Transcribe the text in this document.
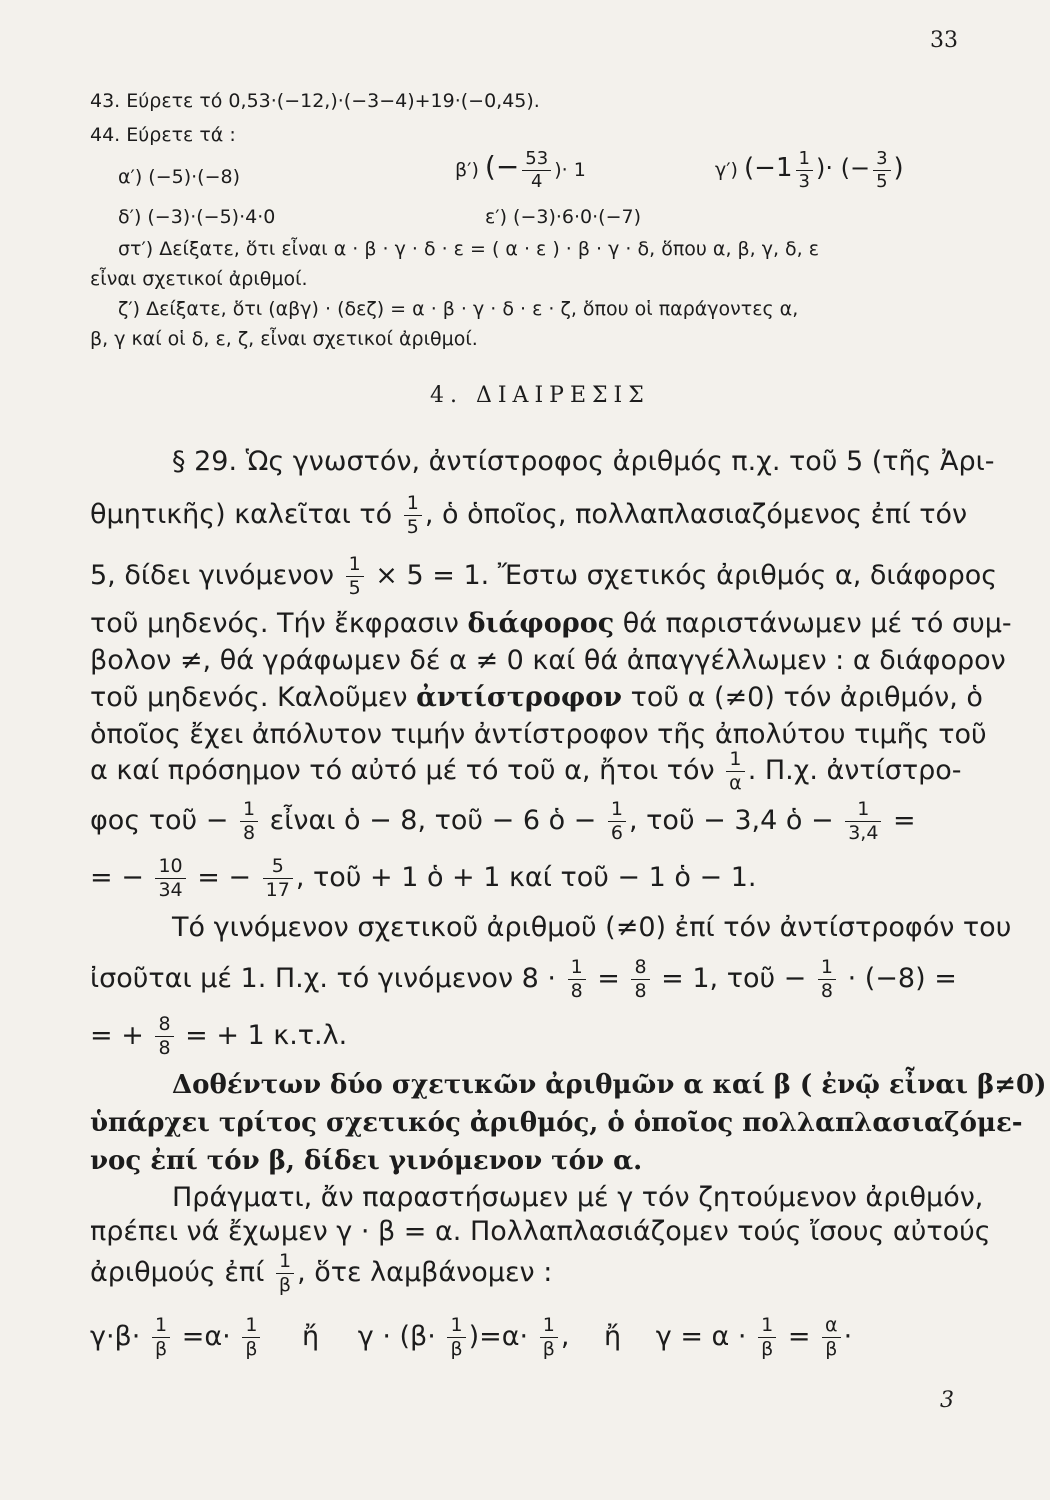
33
43. Εύρετε τό 0,53·(−12,)·(−3−4)+19·(−0,45).
44. Εύρετε τά :
α′) (−5)·(−8)	β′) (− $\frac{53}{4}$ )· 1	γ′) ($-1 \frac{1}{3}$ )· (− $\frac{3}{5}$ )
δ′) (−3)·(−5)·4·0	ε′) (−3)·6·0·(−7)
στ′) Δείξατε, ὅτι εἶναι α · β · γ · δ · ε = ( α · ε ) · β · γ · δ, ὅπου α, β, γ, δ, ε
εἶναι σχετικοί ἀριθμοί.
ζ′) Δείξατε, ὅτι (αβγ) · (δεζ) = α · β · γ · δ · ε · ζ, ὅπου οἱ παράγοντες α,
β, γ καί οἱ δ, ε, ζ, εἶναι σχετικοί ἀριθμοί.
4. ΔΙΑΙΡΕΣΙΣ
§ 29. Ὡς γνωστόν, ἀντίστροφος ἀριθμός π.χ. τοῦ 5 (τῆς Ἀρι-
θμητικῆς) καλεῖται τό $\frac{1}{5}$ , ὁ ὁποῖος, πολλαπλασιαζόμενος ἐπί τόν
5, δίδει γινόμενον $\frac{1}{5} \times 5 = 1$. Ἔστω σχετικός ἀριθμός α, διάφορος
τοῦ μηδενός. Τήν ἔκφρασιν διάφορος θά παριστάνωμεν μέ τό συμ-
βολον ≠, θά γράφωμεν δέ α ≠ 0 καί θά ἀπαγγέλλωμεν : α διάφορον
τοῦ μηδενός. Καλοῦμεν ἀντίστροφον τοῦ α (≠0) τόν ἀριθμόν, ὁ
ὁποῖος ἔχει ἀπόλυτον τιμήν ἀντίστροφον τῆς ἀπολύτου τιμῆς τοῦ
α καί πρόσημον τό αὐτό μέ τό τοῦ α, ἤτοι τόν $\frac{1}{\alpha}$ . Π.χ. ἀντίστρο-
φος τοῦ − $\frac{1}{8}$ εἶναι ὁ − 8, τοῦ − 6 ὁ − $\frac{1}{6}$ , τοῦ − 3,4 ὁ − $\frac{1}{3,4}$ =
= − $\frac{10}{34}$ = − $\frac{5}{17}$ , τοῦ + 1 ὁ + 1 καί τοῦ − 1 ὁ − 1.
Τό γινόμενον σχετικοῦ ἀριθμοῦ (≠0) ἐπί τόν ἀντίστροφόν του
ἰσοῦται μέ 1. Π.χ. τό γινόμενον $8 \cdot \frac{1}{8} = \frac{8}{8} = 1$, τοῦ − $\frac{1}{8} \cdot (-8)$ =
= + $\frac{8}{8}$ = + 1 κ.τ.λ.
Δοθέντων δύο σχετικῶν ἀριθμῶν α καί β ( ἐνῷ εἶναι β≠0)
ὑπάρχει τρίτος σχετικός ἀριθμός, ὁ ὁποῖος πολλαπλασιαζόμε-
νος ἐπί τόν β, δίδει γινόμενον τόν α.
Πράγματι, ἄν παραστήσωμεν μέ γ τόν ζητούμενον ἀριθμόν,
πρέπει νά ἔχωμεν γ · β = α. Πολλαπλασιάζομεν τούς ἴσους αὐτούς
ἀριθμούς ἐπί $\frac{1}{\beta}$ , ὅτε λαμβάνομεν :
$\gamma\cdot\beta\cdot \frac{1}{\beta} =\alpha\cdot \frac{1}{\beta}$ ἤ $\gamma \cdot (\beta\cdot \frac{1}{\beta} )=\alpha\cdot \frac{1}{\beta}$ , ἤ $\gamma = \alpha \cdot \frac{1}{\beta} = \frac{\alpha}{\beta}$ ·
3
